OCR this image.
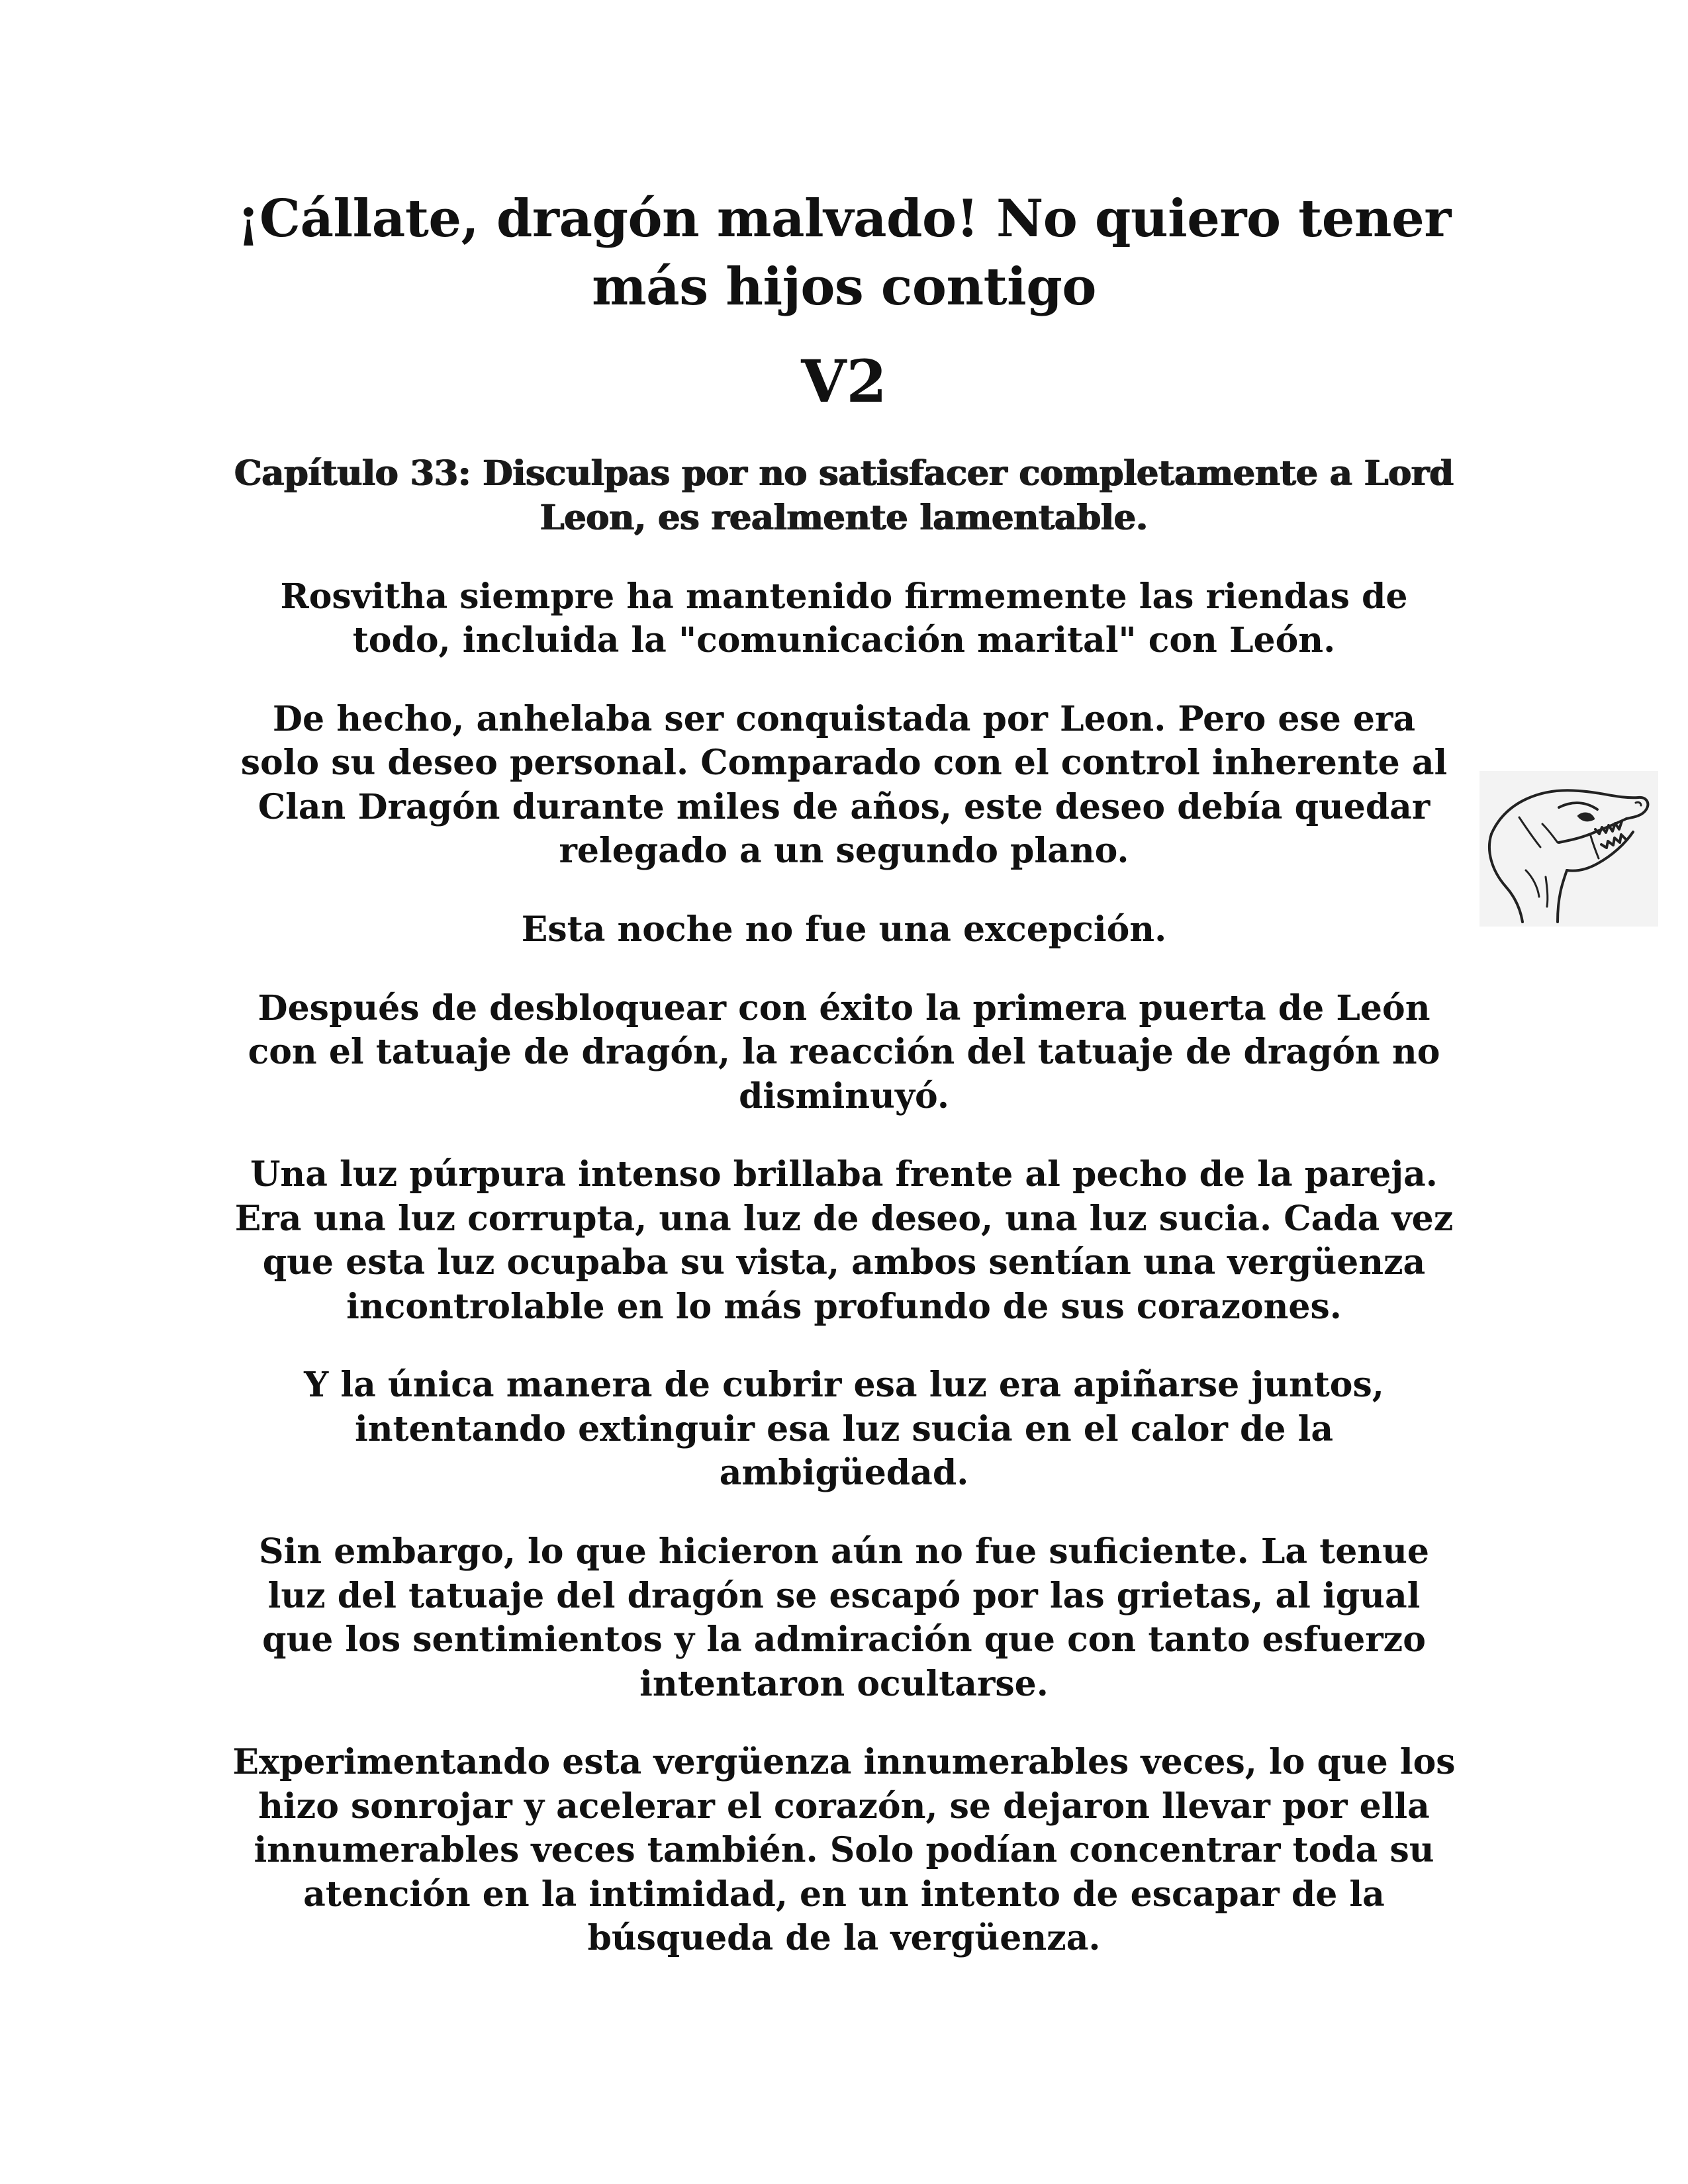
¡Cállate, dragón malvado! No quiero tener más hijos contigo
V2
Capítulo 33: Disculpas por no satisfacer completamente a Lord Leon, es realmente lamentable.

Rosvitha siempre ha mantenido firmemente las riendas de todo, incluida la "comunicación marital" con León.

De hecho, anhelaba ser conquistada por Leon. Pero ese era solo su deseo personal. Comparado con el control inherente al Clan Dragón durante miles de años, este deseo debía quedar relegado a un segundo plano.

Esta noche no fue una excepción.

Después de desbloquear con éxito la primera puerta de León con el tatuaje de dragón, la reacción del tatuaje de dragón no disminuyó.

Una luz púrpura intenso brillaba frente al pecho de la pareja. Era una luz corrupta, una luz de deseo, una luz sucia. Cada vez que esta luz ocupaba su vista, ambos sentían una vergüenza incontrolable en lo más profundo de sus corazones.

Y la única manera de cubrir esa luz era apiñarse juntos, intentando extinguir esa luz sucia en el calor de la ambigüedad.

Sin embargo, lo que hicieron aún no fue suficiente. La tenue luz del tatuaje del dragón se escapó por las grietas, al igual que los sentimientos y la admiración que con tanto esfuerzo intentaron ocultarse.

Experimentando esta vergüenza innumerables veces, lo que los hizo sonrojar y acelerar el corazón, se dejaron llevar por ella innumerables veces también. Solo podían concentrar toda su atención en la intimidad, en un intento de escapar de la búsqueda de la vergüenza.
